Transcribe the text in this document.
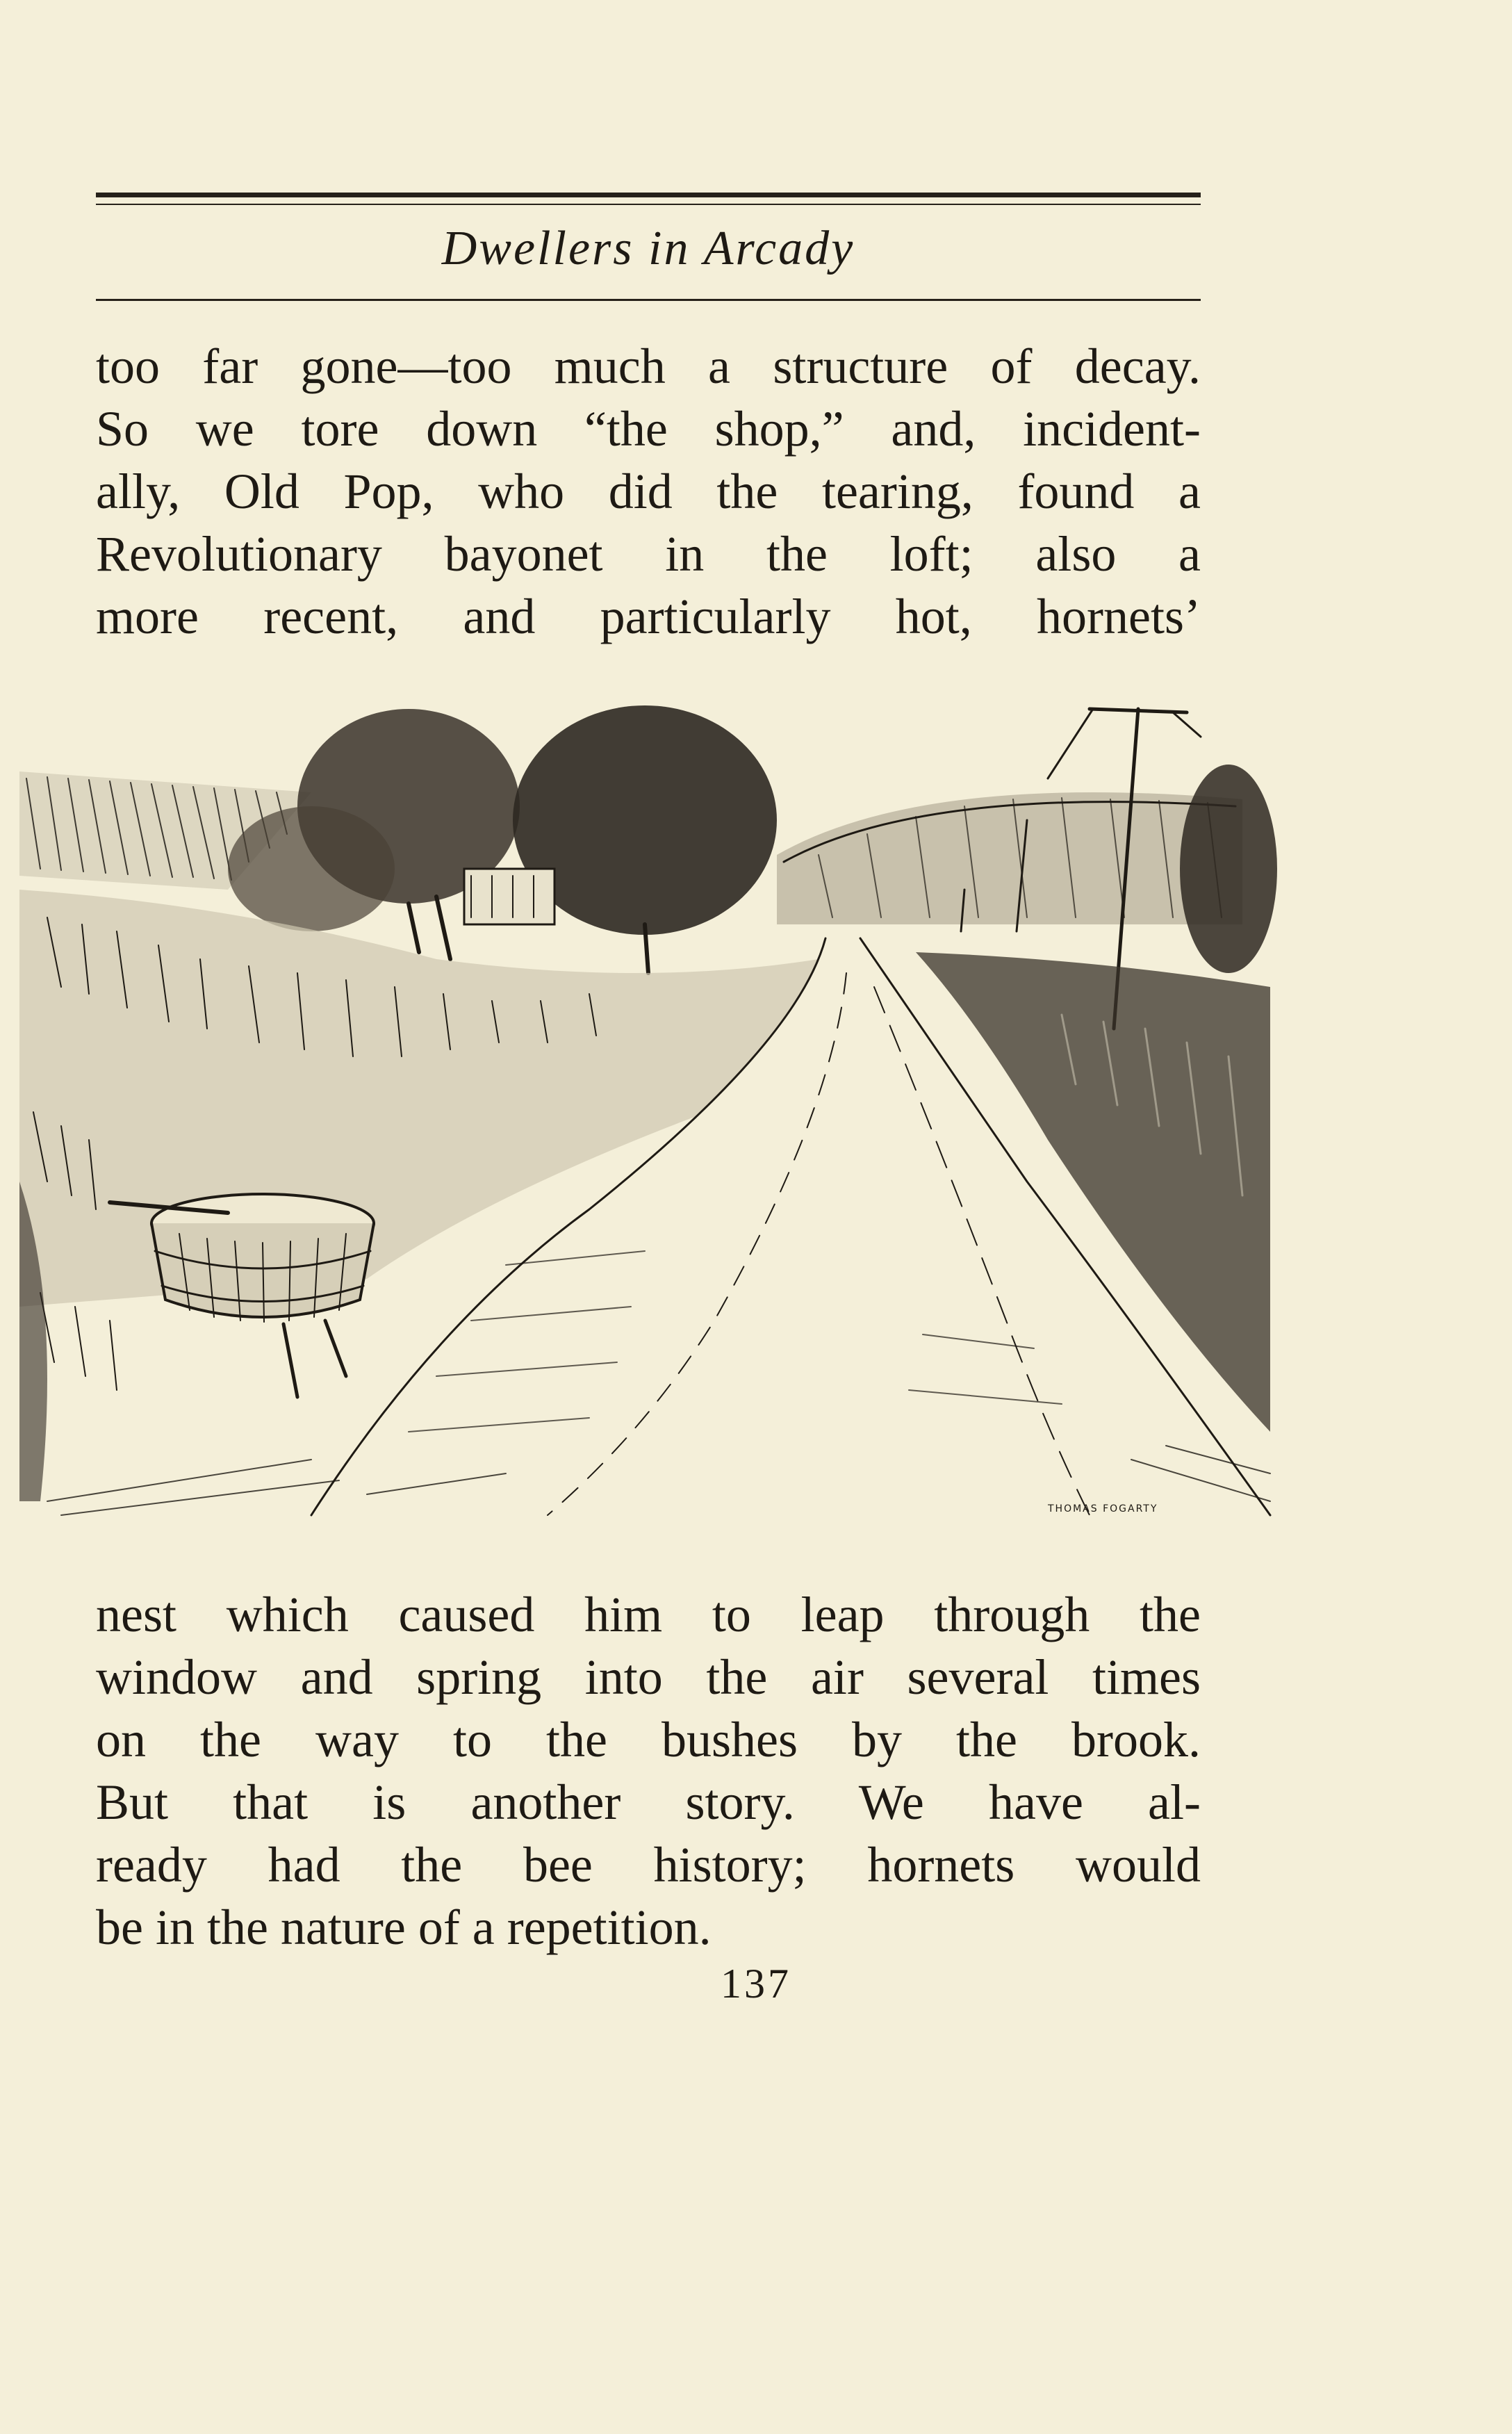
Dwellers in Arcady
too far gone—too much a structure of decay.
So we tore down “the shop,” and, incident-
ally, Old Pop, who did the tearing, found a
Revolutionary bayonet in the loft; also a
more recent, and particularly hot, hornets’
THOMAS FOGARTY
nest which caused him to leap through the
window and spring into the air several times
on the way to the bushes by the brook.
But that is another story. We have al-
ready had the bee history; hornets would
be in the nature of a repetition.
137
